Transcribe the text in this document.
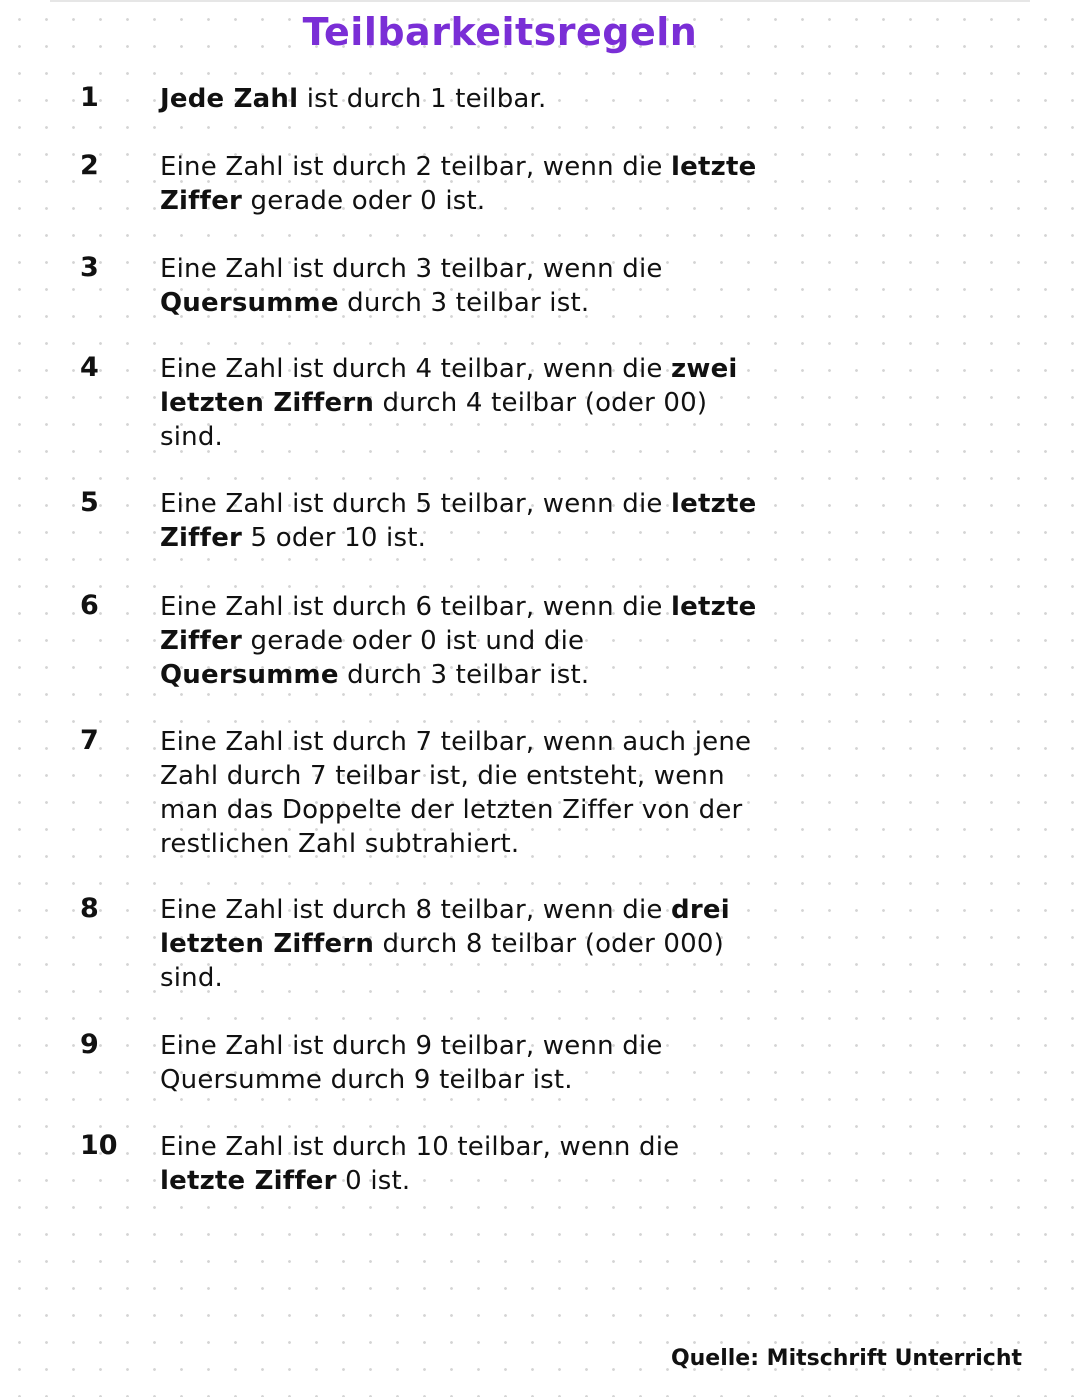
Teilbarkeitsregeln
1 Jede Zahl ist durch 1 teilbar.
2 Eine Zahl ist durch 2 teilbar, wenn die letzte Ziffer gerade oder 0 ist.
3 Eine Zahl ist durch 3 teilbar, wenn die Quersumme durch 3 teilbar ist.
4 Eine Zahl ist durch 4 teilbar, wenn die zwei letzten Ziffern durch 4 teilbar (oder 00) sind.
5 Eine Zahl ist durch 5 teilbar, wenn die letzte Ziffer 5 oder 10 ist.
6 Eine Zahl ist durch 6 teilbar, wenn die letzte Ziffer gerade oder 0 ist und die Quersumme durch 3 teilbar ist.
7 Eine Zahl ist durch 7 teilbar, wenn auch jene Zahl durch 7 teilbar ist, die entsteht, wenn man das Doppelte der letzten Ziffer von der restlichen Zahl subtrahiert.
8 Eine Zahl ist durch 8 teilbar, wenn die drei letzten Ziffern durch 8 teilbar (oder 000) sind.
9 Eine Zahl ist durch 9 teilbar, wenn die Quersumme durch 9 teilbar ist.
10 Eine Zahl ist durch 10 teilbar, wenn die letzte Ziffer 0 ist.
Quelle: Mitschrift Unterricht
